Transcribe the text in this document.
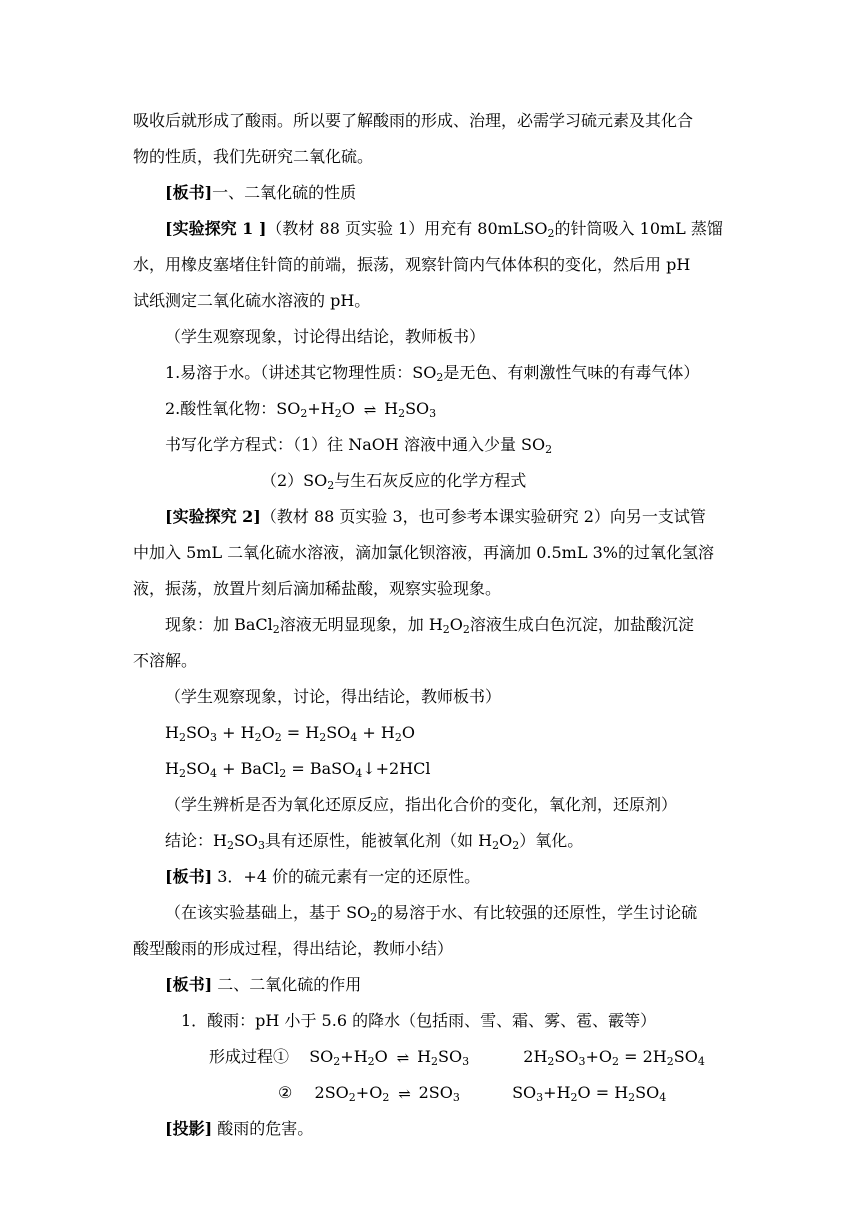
吸收后就形成了酸雨。所以要了解酸雨的形成、治理，必需学习硫元素及其化合
物的性质，我们先研究二氧化硫。
[板书]一、二氧化硫的性质
[实验探究 1 ]（教材 88 页实验 1）用充有 80mLSO$_2$的针筒吸入 10mL 蒸馏
水，用橡皮塞堵住针筒的前端，振荡，观察针筒内气体体积的变化，然后用 pH
试纸测定二氧化硫水溶液的 pH。
（学生观察现象，讨论得出结论，教师板书）
1.易溶于水。（讲述其它物理性质：$SO_2$是无色、有刺激性气味的有毒气体）
2.酸性氧化物：$SO_2+H_2O$  ⇌  $H_2SO_3$
书写化学方程式：（1）往 NaOH 溶液中通入少量 $SO_2$
$(2)SO_2$与生石灰反应的化学方程式
[实验探究 2]（教材 88 页实验 3，也可参考本课实验研究 2）向另一支试管
中加入 5mL 二氧化硫水溶液，滴加氯化钡溶液，再滴加 0.5mL 3%的过氧化氢溶
液，振荡，放置片刻后滴加稀盐酸，观察实验现象。
现象：加 BaCl$_2$溶液无明显现象，加 $H_2O_2$溶液生成白色沉淀，加盐酸沉淀
不溶解。
（学生观察现象，讨论，得出结论，教师板书）
$H_2SO_3 + H_2O_2 = H_2SO_4 + H_2O$
$H_2SO_4$ + BaCl$_2$ = BaSO$_4$↓+2HCl
（学生辨析是否为氧化还原反应，指出化合价的变化，氧化剂，还原剂）
结论：$H_2SO_3$具有还原性，能被氧化剂（如 $H_2O_2$）氧化。
[板书] 3．+4 价的硫元素有一定的还原性。
（在该实验基础上，基于 $SO_2$的易溶于水、有比较强的还原性，学生讨论硫
酸型酸雨的形成过程，得出结论，教师小结）
[板书] 二、二氧化硫的作用
1．酸雨：pH 小于 5.6 的降水（包括雨、雪、霜、雾、雹、霰等）
形成过程① $SO_2+H_2O$  ⇌  $H_2SO_3$	$2H_2SO_3+O_2 = 2H_2SO_4$
② $2SO_2+O_2$  ⇌  $2SO_3$	$SO_3+H_2O = H_2SO_4$
[投影] 酸雨的危害。
